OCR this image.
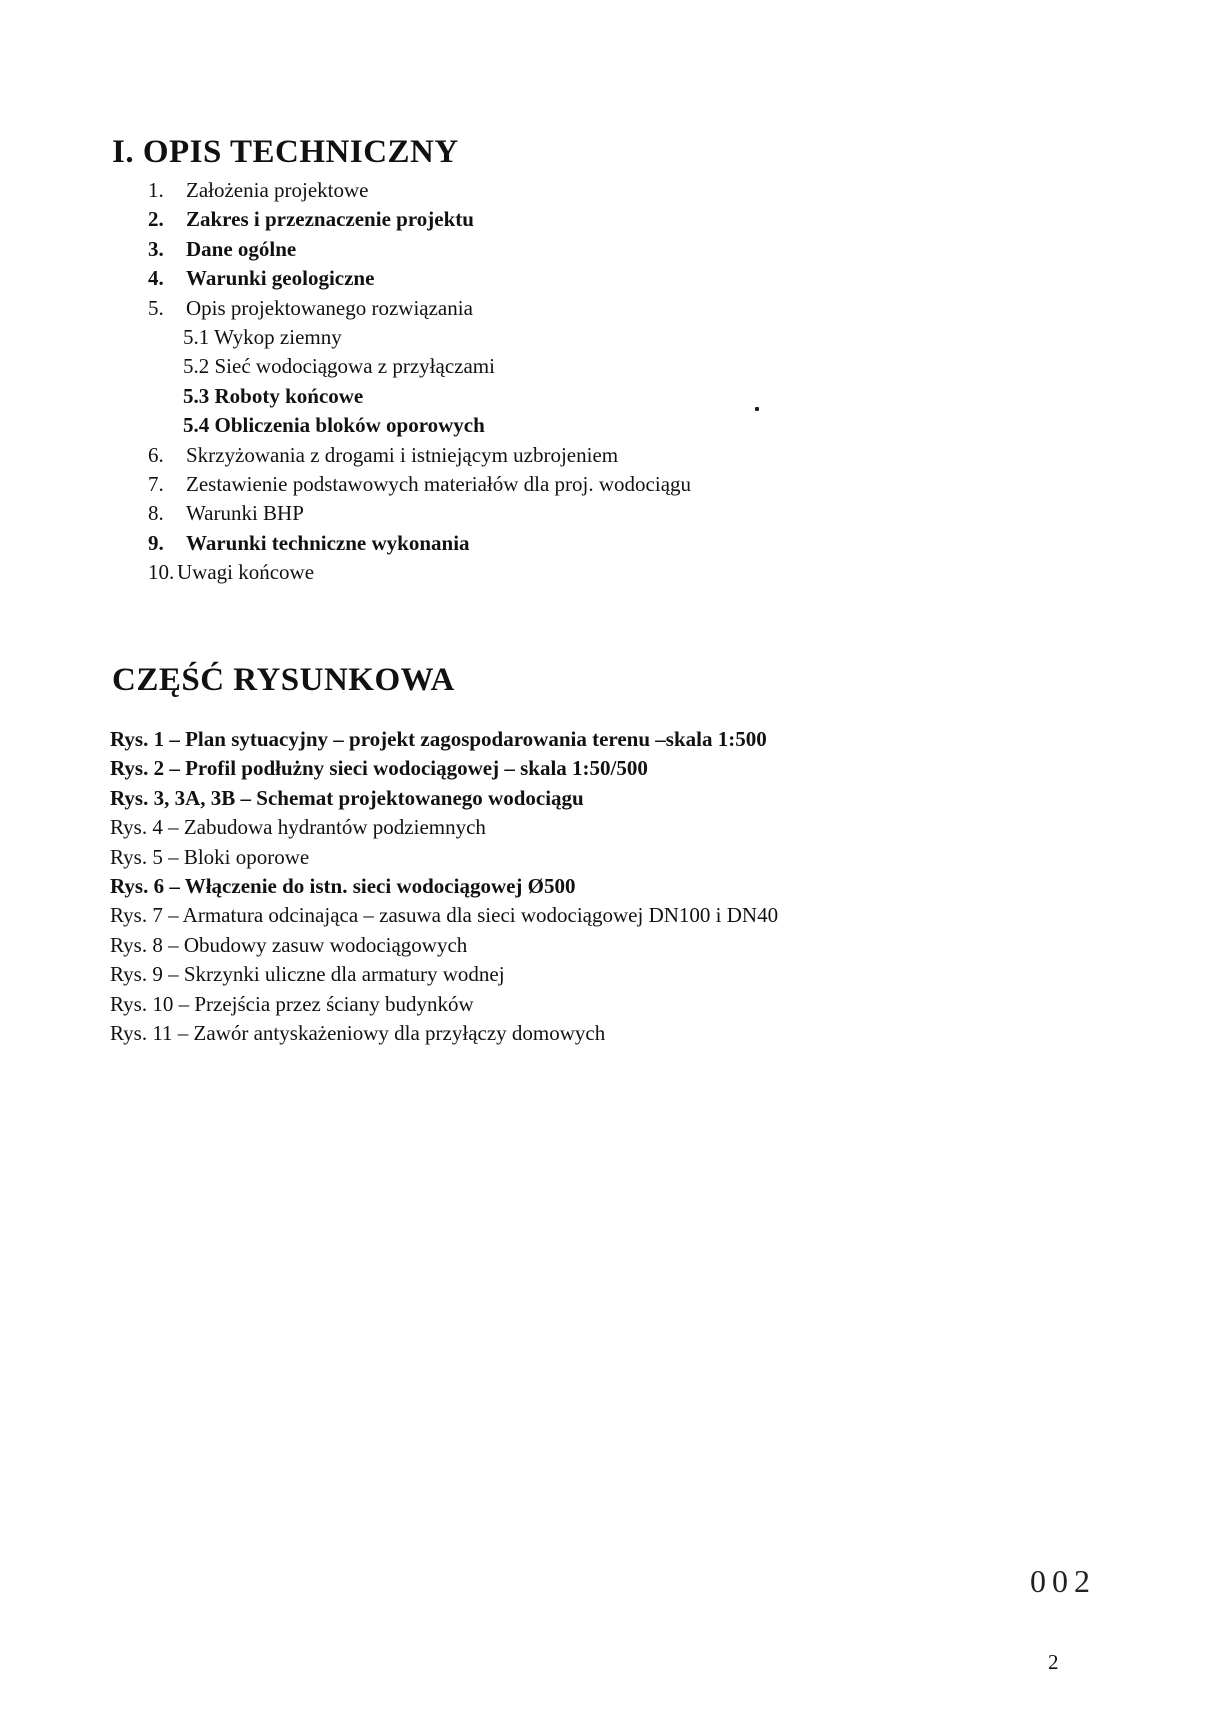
I. OPIS TECHNICZNY
1. Założenia projektowe
2. Zakres i przeznaczenie projektu
3. Dane ogólne
4. Warunki geologiczne
5. Opis projektowanego rozwiązania
5.1 Wykop ziemny
5.2 Sieć wodociągowa z przyłączami
5.3 Roboty końcowe
5.4 Obliczenia bloków oporowych
6. Skrzyżowania z drogami i istniejącym uzbrojeniem
7. Zestawienie podstawowych materiałów dla proj. wodociągu
8. Warunki BHP
9. Warunki techniczne wykonania
10. Uwagi końcowe
CZĘŚĆ RYSUNKOWA
Rys. 1 – Plan sytuacyjny – projekt zagospodarowania terenu –skala 1:500
Rys. 2 – Profil podłużny sieci wodociągowej – skala 1:50/500
Rys. 3, 3A, 3B – Schemat projektowanego wodociągu
Rys. 4 – Zabudowa hydrantów podziemnych
Rys. 5 – Bloki oporowe
Rys. 6 – Włączenie do istn. sieci wodociągowej Ø500
Rys. 7 – Armatura odcinająca – zasuwa dla sieci wodociągowej DN100 i DN40
Rys. 8 – Obudowy zasuw wodociągowych
Rys. 9 – Skrzynki uliczne dla armatury wodnej
Rys. 10 – Przejścia przez ściany budynków
Rys. 11 – Zawór antyskażeniowy dla przyłączy domowych
002
2
